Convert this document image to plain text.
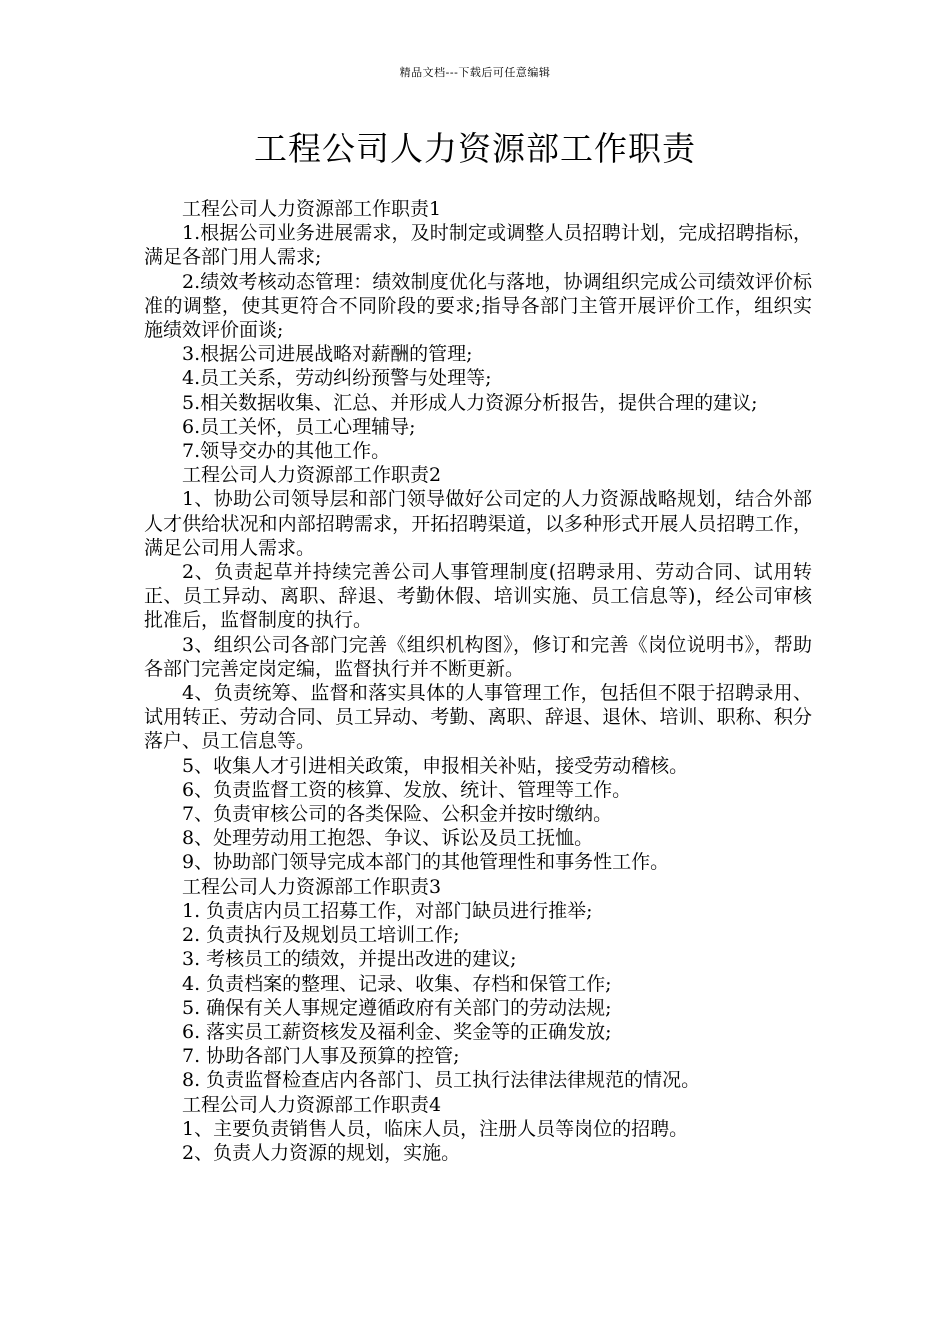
精品文档---下载后可任意编辑
工程公司人力资源部工作职责

工程公司人力资源部工作职责1

1.根据公司业务进展需求，及时制定或调整人员招聘计划，完成招聘指标，满足各部门用人需求;

2.绩效考核动态管理：绩效制度优化与落地，协调组织完成公司绩效评价标准的调整，使其更符合不同阶段的要求;指导各部门主管开展评价工作，组织实施绩效评价面谈;

3.根据公司进展战略对薪酬的管理;

4.员工关系，劳动纠纷预警与处理等;

5.相关数据收集、汇总、并形成人力资源分析报告，提供合理的建议;

6.员工关怀，员工心理辅导;

7.领导交办的其他工作。

工程公司人力资源部工作职责2

1、协助公司领导层和部门领导做好公司定的人力资源战略规划，结合外部人才供给状况和内部招聘需求，开拓招聘渠道，以多种形式开展人员招聘工作，满足公司用人需求。

2、负责起草并持续完善公司人事管理制度(招聘录用、劳动合同、试用转正、员工异动、离职、辞退、考勤休假、培训实施、员工信息等)，经公司审核批准后，监督制度的执行。

3、组织公司各部门完善《组织机构图》，修订和完善《岗位说明书》，帮助各部门完善定岗定编，监督执行并不断更新。

4、负责统筹、监督和落实具体的人事管理工作，包括但不限于招聘录用、试用转正、劳动合同、员工异动、考勤、离职、辞退、退休、培训、职称、积分落户、员工信息等。

5、收集人才引进相关政策，申报相关补贴，接受劳动稽核。

6、负责监督工资的核算、发放、统计、管理等工作。

7、负责审核公司的各类保险、公积金并按时缴纳。

8、处理劳动用工抱怨、争议、诉讼及员工抚恤。

9、协助部门领导完成本部门的其他管理性和事务性工作。

工程公司人力资源部工作职责3

1. 负责店内员工招募工作，对部门缺员进行推举;

2. 负责执行及规划员工培训工作;

3. 考核员工的绩效，并提出改进的建议;

4. 负责档案的整理、记录、收集、存档和保管工作;

5. 确保有关人事规定遵循政府有关部门的劳动法规;

6. 落实员工薪资核发及福利金、奖金等的正确发放;

7. 协助各部门人事及预算的控管;

8. 负责监督检查店内各部门、员工执行法律法律规范的情况。

工程公司人力资源部工作职责4

1、主要负责销售人员，临床人员，注册人员等岗位的招聘。

2、负责人力资源的规划，实施。
